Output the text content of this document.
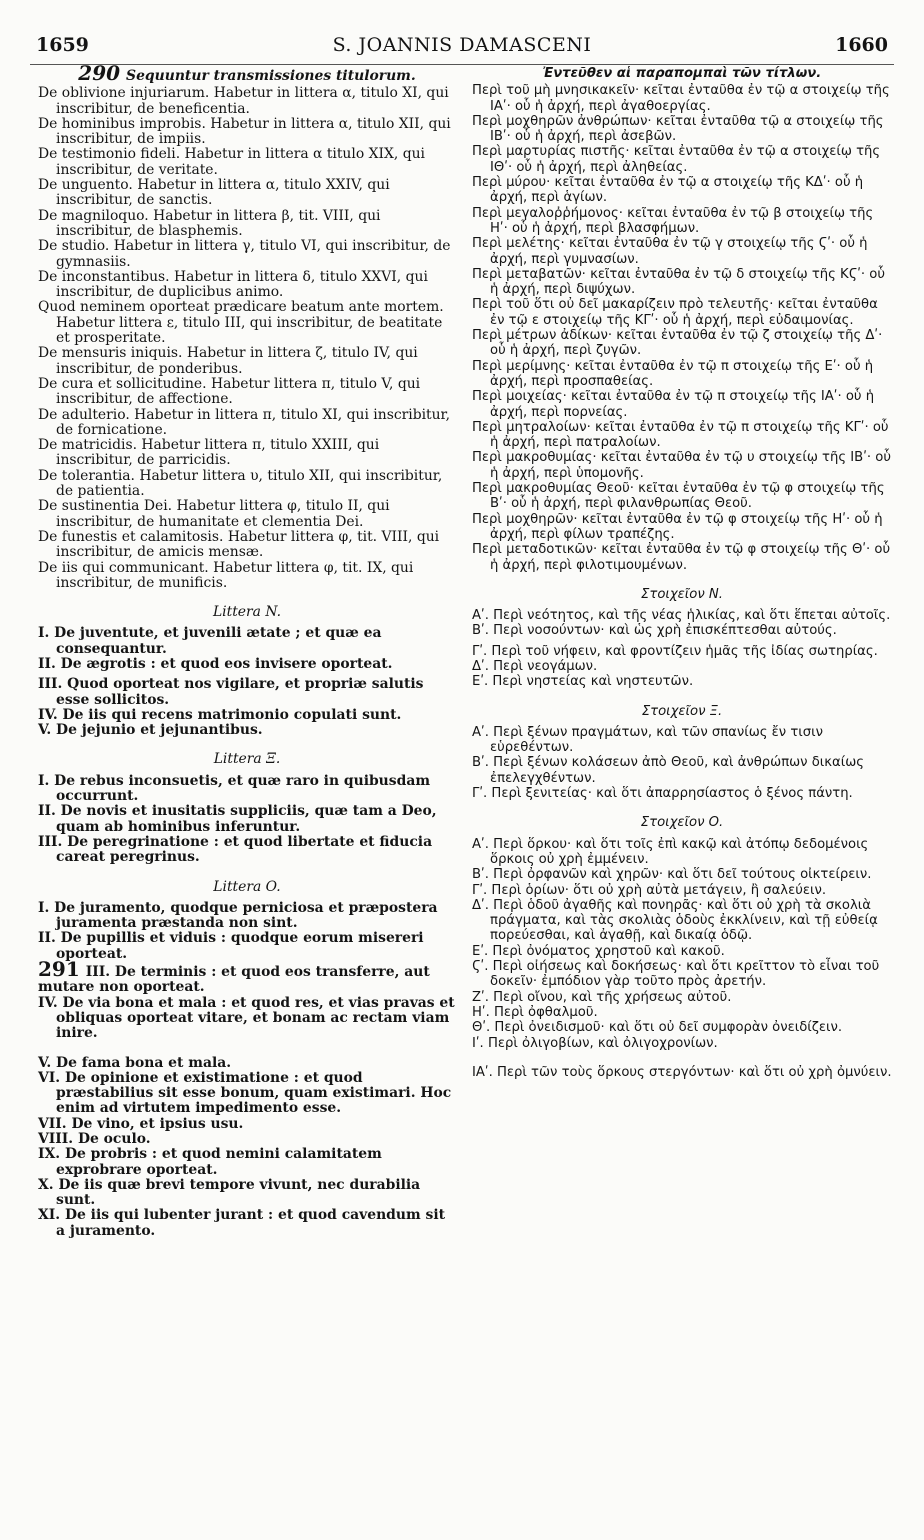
1659	S. JOANNIS DAMASCENI	1660
290 Sequuntur transmissiones titulorum.

De oblivione injuriarum. Habetur in littera α, titulo XI, qui inscribitur, de beneficentia.

De hominibus improbis. Habetur in littera α, titulo XII, qui inscribitur, de impiis.

De testimonio fideli. Habetur in littera α titulo XIX, qui inscribitur, de veritate.

De unguento. Habetur in littera α, titulo XXIV, qui inscribitur, de sanctis.

De magniloquo. Habetur in littera β, tit. VIII, qui inscribitur, de blasphemis.

De studio. Habetur in littera γ, titulo VI, qui inscribitur, de gymnasiis.

De inconstantibus. Habetur in littera δ, titulo XXVI, qui inscribitur, de duplicibus animo.

Quod neminem oporteat prædicare beatum ante mortem. Habetur littera ε, titulo III, qui inscribitur, de beatitate et prosperitate.

De mensuris iniquis. Habetur in littera ζ, titulo IV, qui inscribitur, de ponderibus.

De cura et sollicitudine. Habetur littera π, titulo V, qui inscribitur, de affectione.

De adulterio. Habetur in littera π, titulo XI, qui inscribitur, de fornicatione.

De matricidis. Habetur littera π, titulo XXIII, qui inscribitur, de parricidis.

De tolerantia. Habetur littera υ, titulo XII, qui inscribitur, de patientia.

De sustinentia Dei. Habetur littera φ, titulo II, qui inscribitur, de humanitate et clementia Dei.

De funestis et calamitosis. Habetur littera φ, tit. VIII, qui inscribitur, de amicis mensæ.

De iis qui communicant. Habetur littera φ, tit. IX, qui inscribitur, de munificis.

Littera N.

I. De juventute, et juvenili ætate ; et quæ ea consequantur.

II. De ægrotis : et quod eos invisere oporteat.

III. Quod oporteat nos vigilare, et propriæ salutis esse sollicitos.

IV. De iis qui recens matrimonio copulati sunt.

V. De jejunio et jejunantibus.

Littera Ξ.

I. De rebus inconsuetis, et quæ raro in quibusdam occurrunt.

II. De novis et inusitatis suppliciis, quæ tam a Deo, quam ab hominibus inferuntur.

III. De peregrinatione : et quod libertate et fiducia careat peregrinus.

Littera O.

I. De juramento, quodque perniciosa et præpostera juramenta præstanda non sint.

II. De pupillis et viduis : quodque eorum misereri oporteat.

291 III. De terminis : et quod eos transferre, aut mutare non oporteat.

IV. De via bona et mala : et quod res, et vias pravas et obliquas oporteat vitare, et bonam ac rectam viam inire.

V. De fama bona et mala.

VI. De opinione et existimatione : et quod præstabilius sit esse bonum, quam existimari. Hoc enim ad virtutem impedimento esse.

VII. De vino, et ipsius usu.

VIII. De oculo.

IX. De probris : et quod nemini calamitatem exprobrare oporteat.

X. De iis quæ brevi tempore vivunt, nec durabilia sunt.

XI. De iis qui lubenter jurant : et quod cavendum sit a juramento.

Ἐντεῦθεν αἱ παραπομπαὶ τῶν τίτλων.

Περὶ τοῦ μὴ μνησικακεῖν· κεῖται ἐνταῦθα ἐν τῷ α στοιχείῳ τῆς ΙΑʹ· οὗ ἡ ἀρχή, περὶ ἀγαθοεργίας.

Περὶ μοχθηρῶν ἀνθρώπων· κεῖται ἐνταῦθα τῷ α στοιχείῳ τῆς ΙΒʹ· οὗ ἡ ἀρχή, περὶ ἀσεβῶν.

Περὶ μαρτυρίας πιστῆς· κεῖται ἐνταῦθα ἐν τῷ α στοιχείῳ τῆς ΙΘʹ· οὗ ἡ ἀρχή, περὶ ἀληθείας.

Περὶ μύρου· κεῖται ἐνταῦθα ἐν τῷ α στοιχείῳ τῆς ΚΔʹ· οὗ ἡ ἀρχή, περὶ ἁγίων.

Περὶ μεγαλοῤῥήμονος· κεῖται ἐνταῦθα ἐν τῷ β στοιχείῳ τῆς Ηʹ· οὗ ἡ ἀρχή, περὶ βλασφήμων.

Περὶ μελέτης· κεῖται ἐνταῦθα ἐν τῷ γ στοιχείῳ τῆς Ϛʹ· οὗ ἡ ἀρχή, περὶ γυμνασίων.

Περὶ μεταβατῶν· κεῖται ἐνταῦθα ἐν τῷ δ στοιχείῳ τῆς ΚϚʹ· οὗ ἡ ἀρχή, περὶ διψύχων.

Περὶ τοῦ ὅτι οὐ δεῖ μακαρίζειν πρὸ τελευτῆς· κεῖται ἐνταῦθα ἐν τῷ ε στοιχείῳ τῆς ΚΓʹ· οὗ ἡ ἀρχή, περὶ εὐδαιμονίας.

Περὶ μέτρων ἀδίκων· κεῖται ἐνταῦθα ἐν τῷ ζ στοιχείῳ τῆς Δʹ· οὗ ἡ ἀρχή, περὶ ζυγῶν.

Περὶ μερίμνης· κεῖται ἐνταῦθα ἐν τῷ π στοιχείῳ τῆς Εʹ· οὗ ἡ ἀρχή, περὶ προσπαθείας.

Περὶ μοιχείας· κεῖται ἐνταῦθα ἐν τῷ π στοιχείῳ τῆς ΙΑʹ· οὗ ἡ ἀρχή, περὶ πορνείας.

Περὶ μητραλοίων· κεῖται ἐνταῦθα ἐν τῷ π στοιχείῳ τῆς ΚΓʹ· οὗ ἡ ἀρχή, περὶ πατραλοίων.

Περὶ μακροθυμίας· κεῖται ἐνταῦθα ἐν τῷ υ στοιχείῳ τῆς ΙΒʹ· οὗ ἡ ἀρχή, περὶ ὑπομονῆς.

Περὶ μακροθυμίας Θεοῦ· κεῖται ἐνταῦθα ἐν τῷ φ στοιχείῳ τῆς Βʹ· οὗ ἡ ἀρχή, περὶ φιλανθρωπίας Θεοῦ.

Περὶ μοχθηρῶν· κεῖται ἐνταῦθα ἐν τῷ φ στοιχείῳ τῆς Ηʹ· οὗ ἡ ἀρχή, περὶ φίλων τραπέζης.

Περὶ μεταδοτικῶν· κεῖται ἐνταῦθα ἐν τῷ φ στοιχείῳ τῆς Θʹ· οὗ ἡ ἀρχή, περὶ φιλοτιμουμένων.

Στοιχεῖον Ν.

Αʹ. Περὶ νεότητος, καὶ τῆς νέας ἡλικίας, καὶ ὅτι ἕπεται αὐτοῖς.

Βʹ. Περὶ νοσούντων· καὶ ὡς χρὴ ἐπισκέπτεσθαι αὐτούς.

Γʹ. Περὶ τοῦ νήφειν, καὶ φροντίζειν ἡμᾶς τῆς ἰδίας σωτηρίας.

Δʹ. Περὶ νεογάμων.

Εʹ. Περὶ νηστείας καὶ νηστευτῶν.

Στοιχεῖον Ξ.

Αʹ. Περὶ ξένων πραγμάτων, καὶ τῶν σπανίως ἔν τισιν εὑρεθέντων.

Βʹ. Περὶ ξένων κολάσεων ἀπὸ Θεοῦ, καὶ ἀνθρώπων δικαίως ἐπελεγχθέντων.

Γʹ. Περὶ ξενιτείας· καὶ ὅτι ἀπαρρησίαστος ὁ ξένος πάντη.

Στοιχεῖον Ο.

Αʹ. Περὶ ὅρκου· καὶ ὅτι τοῖς ἐπὶ κακῷ καὶ ἀτόπῳ δεδομένοις ὅρκοις οὐ χρὴ ἐμμένειν.

Βʹ. Περὶ ὀρφανῶν καὶ χηρῶν· καὶ ὅτι δεῖ τούτους οἰκτείρειν.

Γʹ. Περὶ ὁρίων· ὅτι οὐ χρὴ αὐτὰ μετάγειν, ἢ σαλεύειν.

Δʹ. Περὶ ὁδοῦ ἀγαθῆς καὶ πονηρᾶς· καὶ ὅτι οὐ χρὴ τὰ σκολιὰ πράγματα, καὶ τὰς σκολιὰς ὁδοὺς ἐκκλίνειν, καὶ τῇ εὐθείᾳ πορεύεσθαι, καὶ ἀγαθῇ, καὶ δικαίᾳ ὁδῷ.

Εʹ. Περὶ ὀνόματος χρηστοῦ καὶ κακοῦ.

Ϛʹ. Περὶ οἰήσεως καὶ δοκήσεως· καὶ ὅτι κρεῖττον τὸ εἶναι τοῦ δοκεῖν· ἐμπόδιον γὰρ τοῦτο πρὸς ἀρετήν.

Ζʹ. Περὶ οἴνου, καὶ τῆς χρήσεως αὐτοῦ.

Ηʹ. Περὶ ὀφθαλμοῦ.

Θʹ. Περὶ ὀνειδισμοῦ· καὶ ὅτι οὐ δεῖ συμφορὰν ὀνειδίζειν.

Ιʹ. Περὶ ὀλιγοβίων, καὶ ὀλιγοχρονίων.

ΙΑʹ. Περὶ τῶν τοὺς ὅρκους στεργόντων· καὶ ὅτι οὐ χρὴ ὀμνύειν.
